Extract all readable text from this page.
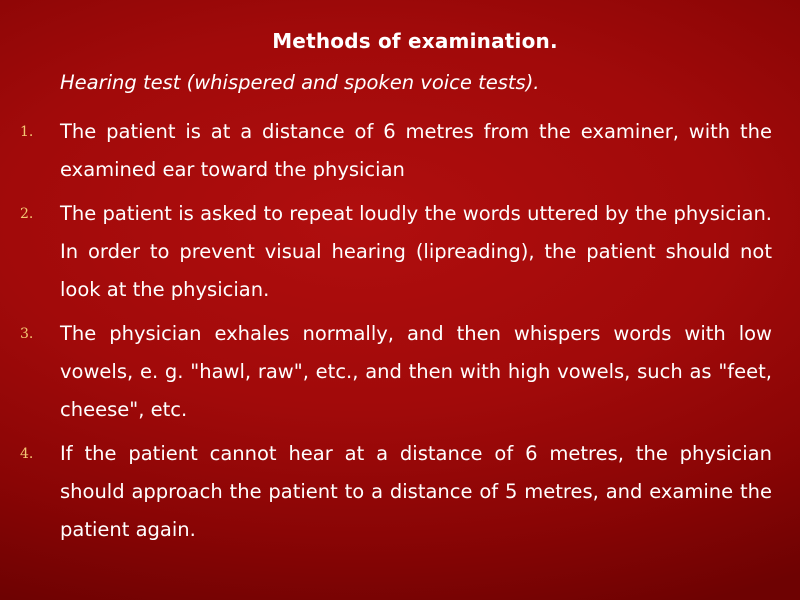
Methods of examination.
Hearing test (whispered and spoken voice tests).
1. The patient is at a distance of 6 metres from the examiner, with the examined ear toward the physician
2. The patient is asked to repeat loudly the words uttered by the physician. In order to prevent visual hearing (lipreading), the patient should not look at the physician.
3. The physician exhales normally, and then whispers words with low vowels, e. g. "hawl, raw", etc., and then with high vowels, such as "feet, cheese", etc.
4. If the patient cannot hear at a distance of 6 metres, the physician should approach the patient to a distance of 5 metres, and examine the patient again.
